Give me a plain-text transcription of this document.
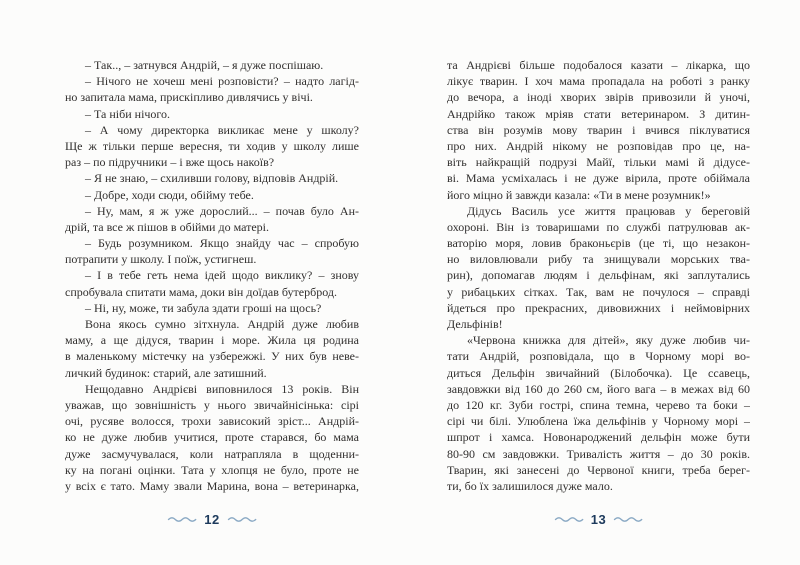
– Так.., – затнувся Андрій, – я дуже поспішаю.
– Нічого не хочеш мені розповісти? – надто лагід-
но запитала мама, прискіпливо дивлячись у вічі.
– Та ніби нічого.
– А чому директорка викликає мене у школу?
Ще ж тільки перше вересня, ти ходив у школу лише
раз – по підручники – і вже щось накоїв?
– Я не знаю, – схиливши голову, відповів Андрій.
– Добре, ходи сюди, обійму тебе.
– Ну, мам, я ж уже дорослий... – почав було Ан-
дрій, та все ж пішов в обійми до матері.
– Будь розумником. Якщо знайду час – спробую
потрапити у школу. І поїж, устигнеш.
– І в тебе геть нема ідей щодо виклику? – знову
спробувала спитати мама, доки він доїдав бутерброд.
– Ні, ну, може, ти забула здати гроші на щось?
Вона якось сумно зітхнула. Андрій дуже любив
маму, а ще дідуся, тварин і море. Жила ця родина
в маленькому містечку на узбережжі. У них був неве-
личкий будинок: старий, але затишний.
Нещодавно Андрієві виповнилося 13 років. Він
уважав, що зовнішність у нього звичайнісінька: сірі
очі, русяве волосся, трохи зависокий зріст... Андрій-
ко не дуже любив учитися, проте старався, бо мама
дуже засмучувалася, коли натрапляла в щоденни-
ку на погані оцінки. Тата у хлопця не було, проте не
у всіх є тато. Маму звали Марина, вона – ветеринарка,
12
та Андрієві більше подобалося казати – лікарка, що
лікує тварин. І хоч мама пропадала на роботі з ранку
до вечора, а іноді хворих звірів привозили й уночі,
Андрійко також мріяв стати ветеринаром. З дитин-
ства він розумів мову тварин і вчився піклуватися
про них. Андрій нікому не розповідав про це, на-
віть найкращій подрузі Майї, тільки мамі й дідусе-
ві. Мама усміхалась і не дуже вірила, проте обіймала
його міцно й завжди казала: «Ти в мене розумник!»
Дідусь Василь усе життя працював у береговій
охороні. Він із товаришами по службі патрулював ак-
ваторію моря, ловив браконьєрів (це ті, що незакон-
но виловлювали рибу та знищували морських тва-
рин), допомагав людям і дельфінам, які заплутались
у рибацьких сітках. Так, вам не почулося – справді
йдеться про прекрасних, дивовижних і неймовірних
Дельфінів!
«Червона книжка для дітей», яку дуже любив чи-
тати Андрій, розповідала, що в Чорному морі во-
диться Дельфін звичайний (Білобочка). Це ссавець,
завдовжки від 160 до 260 см, його вага – в межах від 60
до 120 кг. Зуби гострі, спина темна, черево та боки –
сірі чи білі. Улюблена їжа дельфінів у Чорному морі –
шпрот і хамса. Новонароджений дельфін може бути
80-90 см завдовжки. Тривалість життя – до 30 років.
Тварин, які занесені до Червоної книги, треба берег-
ти, бо їх залишилося дуже мало.
13
